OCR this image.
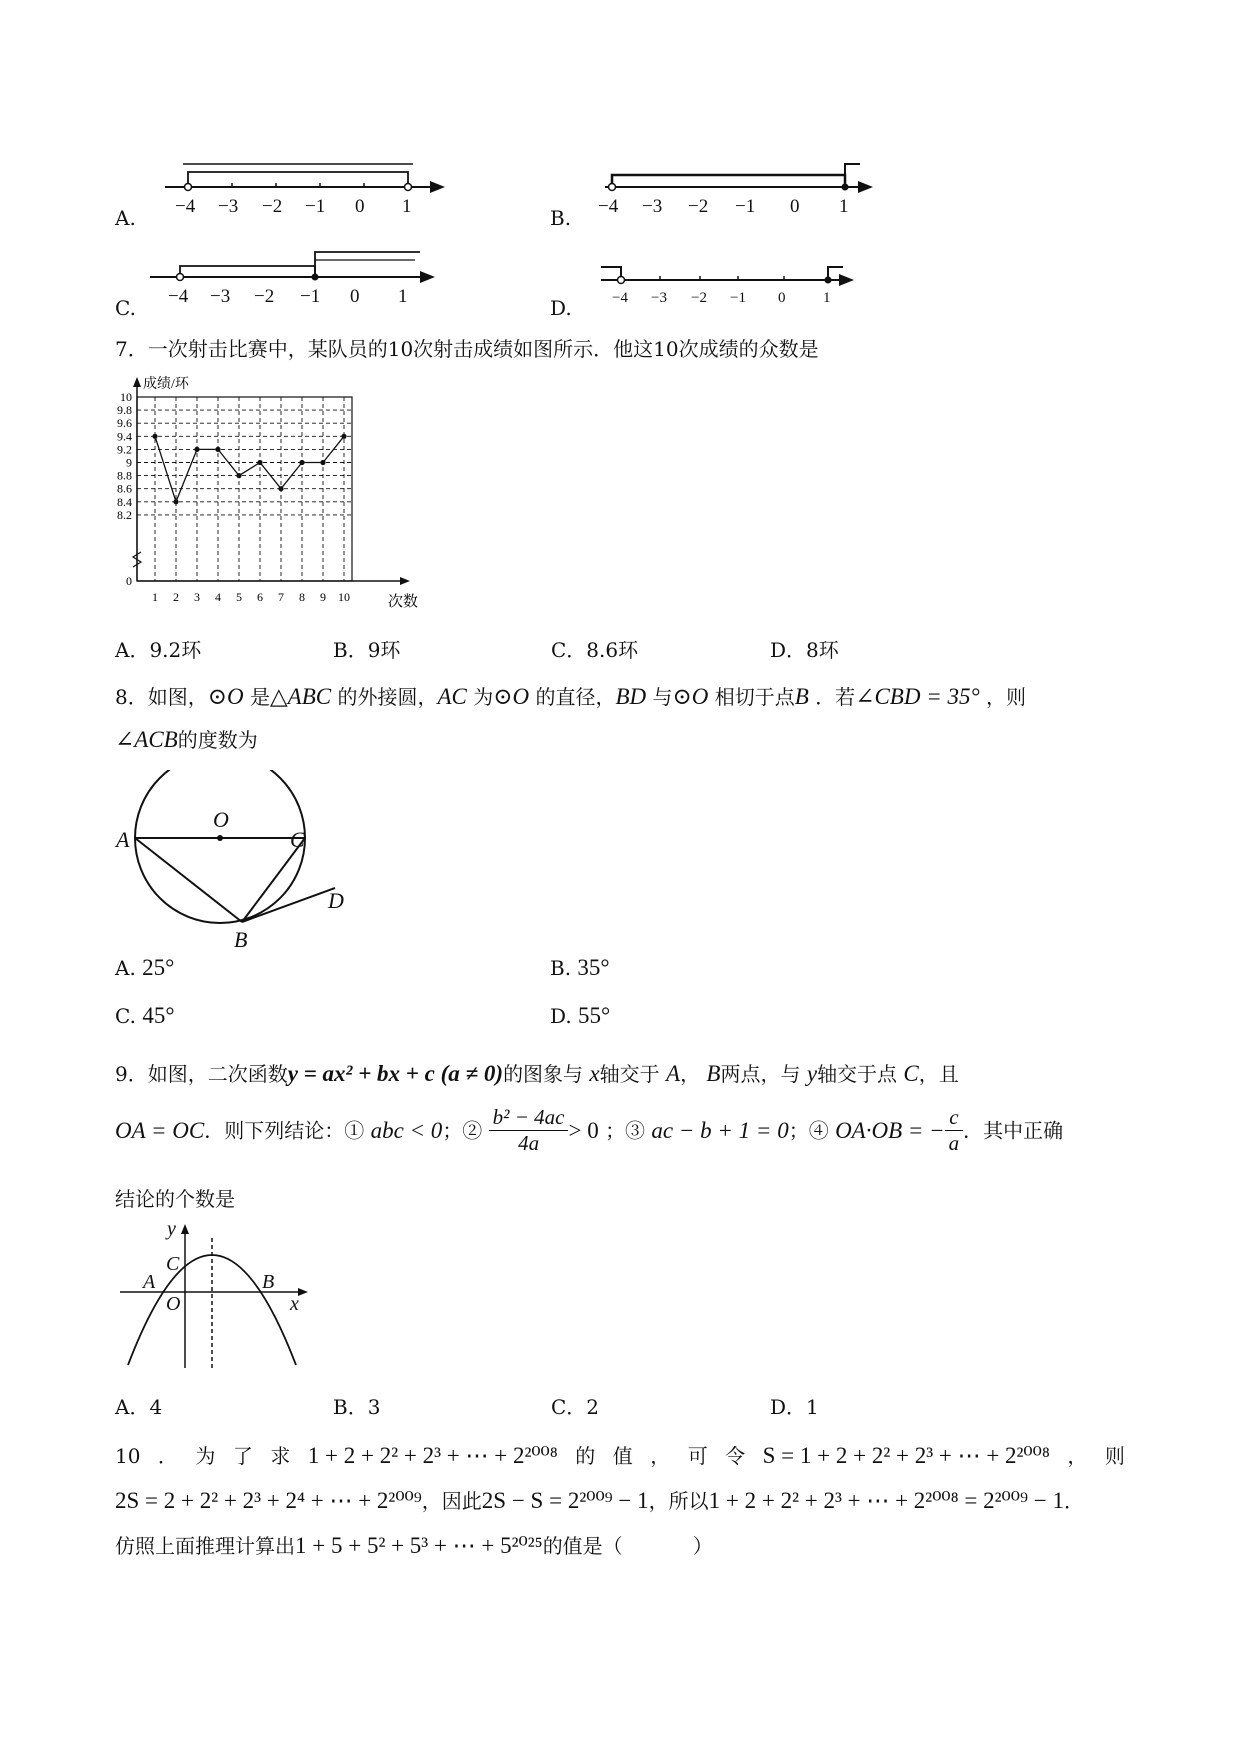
A. −4 −3 −2 −1 0 1	B. −4 −3 −2 −1 0 1
C. −4 −3 −2 −1 0 1	D.	−4 −3 −2 −1 0	1
7．一次射击比赛中，某队员的10次射击成绩如图所示．他这10次成绩的众数是
成绩/环
次数
0
8.2
8.4
8.6
8.8
9
9.2
9.4
9.6
9.8
10
1 2 3 4 5 6 7 8 9 10
A．9.2环	B．9环	C．8.6环	D．8环
8．如图，⊙O 是△ABC 的外接圆，AC 为⊙O 的直径，BD 与⊙O 相切于点B ．若∠CBD = 35° ，则
∠ACB的度数为
A
O
C
B
D
A. 25°	B. 35°
C. 45°	D. 55°
9．如图，二次函数y = ax² + bx + c (a ≠ 0)的图象与 x轴交于 A， B两点，与 y轴交于点 C，且
OA = OC．则下列结论：① abc < 0；② $\frac{\text{b² − 4ac}}{4a} > 0$ ；③ ac − b + 1 = 0；④ OA·OB = − $\frac{c}{a}$ ．其中正确
结论的个数是
y
C
A	B
O	x
A．4	B．3	C．2	D．1
10 ． 为 了 求 1 + 2 + 2² + 2³ + ⋯ + 2²⁰⁰⁸ 的 值 ， 可 令 S = 1 + 2 + 2² + 2³ + ⋯ + 2²⁰⁰⁸ ， 则
2S = 2 + 2² + 2³ + 2⁴ + ⋯ + 2²⁰⁰⁹，因此2S − S = 2²⁰⁰⁹ − 1，所以1 + 2 + 2² + 2³ + ⋯ + 2²⁰⁰⁸ = 2²⁰⁰⁹ − 1．
仿照上面推理计算出1 + 5 + 5² + 5³ + ⋯ + 5²⁰²⁵的值是（	）
